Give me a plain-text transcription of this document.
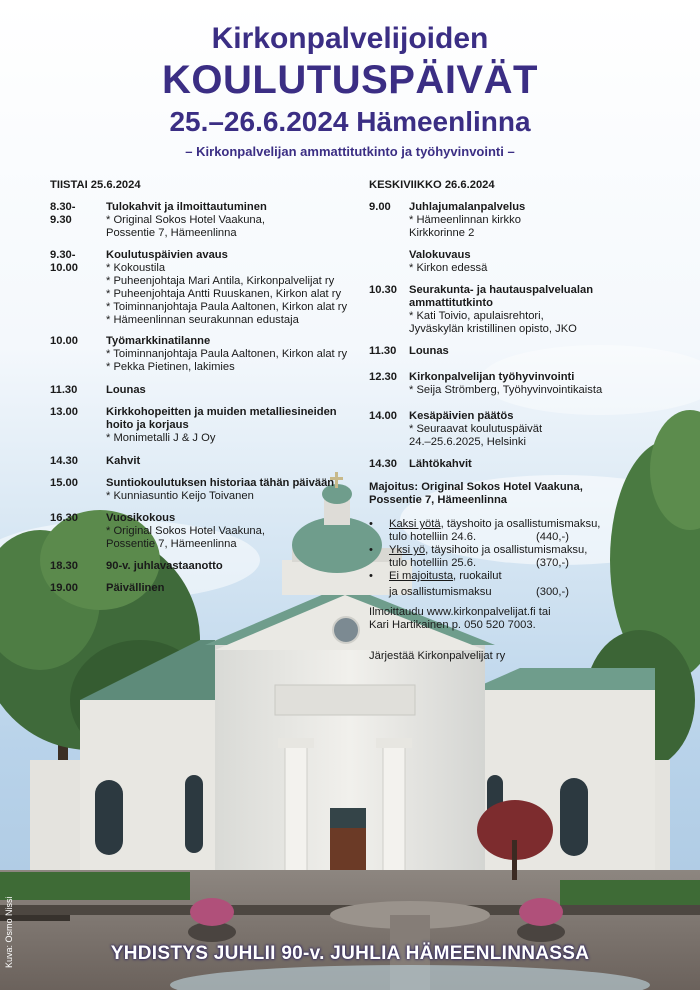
Kirkonpalvelijoiden
KOULUTUSPÄIVÄT
25.–26.6.2024 Hämeenlinna
– Kirkonpalvelijan ammattitutkinto ja työhyvinvointi –
TIISTAI 25.6.2024
8.30-9.30
Tulokahvit ja ilmoittautuminen
* Original Sokos Hotel Vaakuna,
Possentie 7, Hämeenlinna
9.30-10.00
Koulutuspäivien avaus
* Kokoustila
* Puheenjohtaja Mari Antila, Kirkonpalvelijat ry
* Puheenjohtaja Antti Ruuskanen, Kirkon alat ry
* Toiminnanjohtaja Paula Aaltonen, Kirkon alat ry
* Hämeenlinnan seurakunnan edustaja
10.00	Työmarkkinatilanne
* Toiminnanjohtaja Paula Aaltonen, Kirkon alat ry
* Pekka Pietinen, lakimies
11.30	Lounas
13.00	Kirkkohopeitten ja muiden metalliesineiden
hoito ja korjaus
* Monimetalli J & J Oy
14.30	Kahvit
15.00	Suntiokoulutuksen historiaa tähän päivään
* Kunniasuntio Keijo Toivanen
16.30	Vuosikokous
* Original Sokos Hotel Vaakuna,
Possentie 7, Hämeenlinna
18.30	90-v. juhlavastaanotto
19.00	Päivällinen
KESKIVIIKKO 26.6.2024
9.00 Juhlajumalanpalvelus
* Hämeenlinnan kirkko
Kirkkorinne 2
Valokuvaus
* Kirkon edessä
10.30 Seurakunta- ja hautauspalvelualan
ammattitutkinto
* Kati Toivio, apulaisrehtori,
Jyväskylän kristillinen opisto, JKO
11.30 Lounas
12.30 Kirkonpalvelijan työhyvinvointi
* Seija Strömberg, Työhyvinvointikaista
14.00 Kesäpäivien päätös
* Seuraavat koulutuspäivät
24.–25.6.2025, Helsinki
14.30 Lähtökahvit
Majoitus: Original Sokos Hotel Vaakuna,
Possentie 7, Hämeenlinna
• Kaksi yötä, täyshoito ja osallistumismaksu,
tulo hotelliin 24.6.	(440,-)
• Yksi yö, täysihoito ja osallistumismaksu,
tulo hotelliin 25.6.	(370,-)
• Ei majoitusta, ruokailut
ja osallistumismaksu	(300,-)
Ilmoittaudu www.kirkonpalvelijat.fi tai
Kari Hartikainen p. 050 520 7003.
Järjestää Kirkonpalvelijat ry
YHDISTYS JUHLII 90-v. JUHLIA HÄMEENLINNASSA
Kuva: Osmo Nissi
